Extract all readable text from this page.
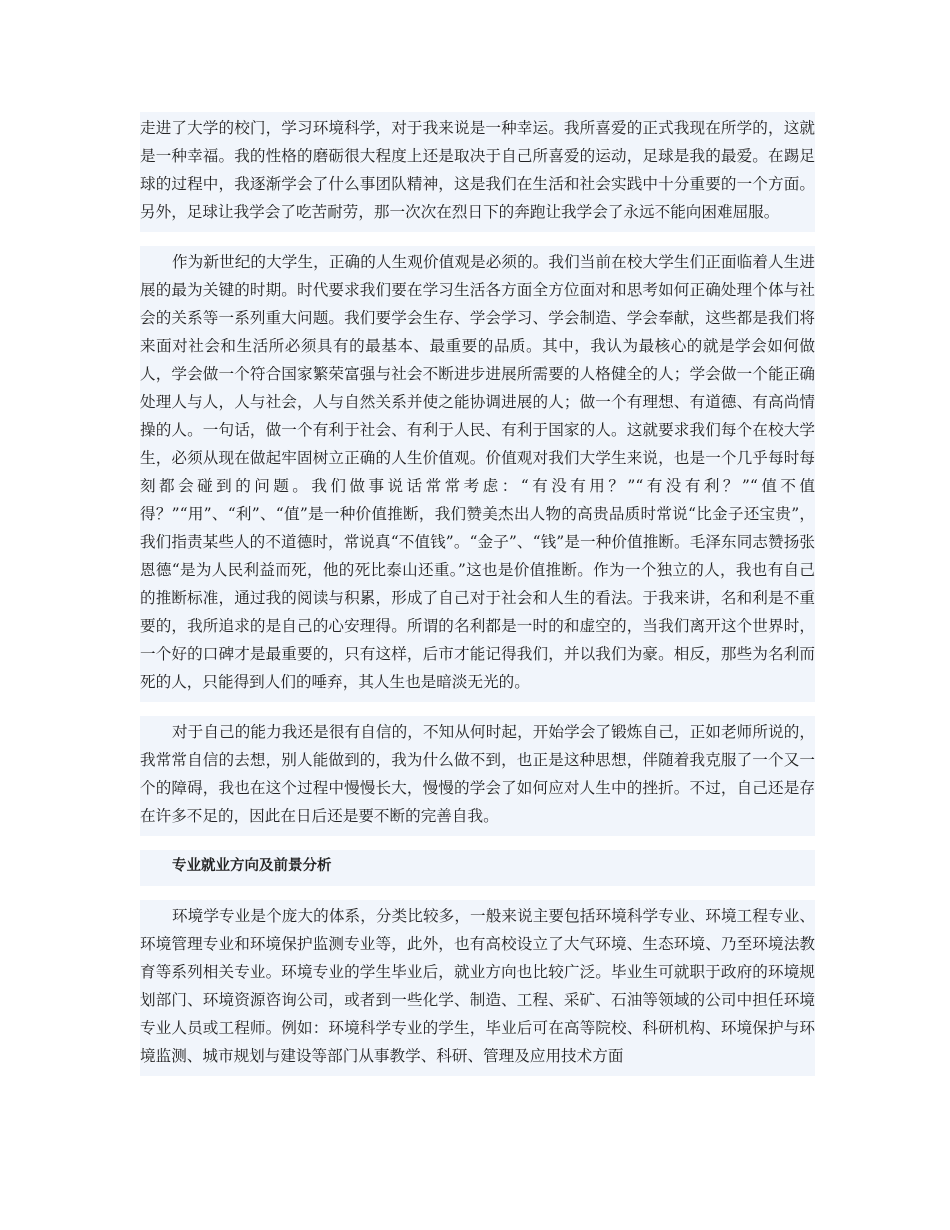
走进了大学的校门，学习环境科学，对于我来说是一种幸运。我所喜爱的正式我现在所学的，这就是一种幸福。我的性格的磨砺很大程度上还是取决于自己所喜爱的运动，足球是我的最爱。在踢足球的过程中，我逐渐学会了什么事团队精神，这是我们在生活和社会实践中十分重要的一个方面。另外，足球让我学会了吃苦耐劳，那一次次在烈日下的奔跑让我学会了永远不能向困难屈服。

作为新世纪的大学生，正确的人生观价值观是必须的。我们当前在校大学生们正面临着人生进展的最为关键的时期。时代要求我们要在学习生活各方面全方位面对和思考如何正确处理个体与社会的关系等一系列重大问题。我们要学会生存、学会学习、学会制造、学会奉献，这些都是我们将来面对社会和生活所必须具有的最基本、最重要的品质。其中，我认为最核心的就是学会如何做人，学会做一个符合国家繁荣富强与社会不断进步进展所需要的人格健全的人；学会做一个能正确处理人与人，人与社会，人与自然关系并使之能协调进展的人；做一个有理想、有道德、有高尚情操的人。一句话，做一个有利于社会、有利于人民、有利于国家的人。这就要求我们每个在校大学生，必须从现在做起牢固树立正确的人生价值观。价值观对我们大学生来说，也是一个几乎每时每刻都会碰到的问题。我们做事说话常常考虑：“有没有用？”“有没有利？”“值不值得？”“用”、“利”、“值”是一种价值推断，我们赞美杰出人物的高贵品质时常说“比金子还宝贵”，我们指责某些人的不道德时，常说真“不值钱”。“金子”、“钱”是一种价值推断。毛泽东同志赞扬张恩德“是为人民利益而死，他的死比泰山还重。”这也是价值推断。作为一个独立的人，我也有自己的推断标准，通过我的阅读与积累，形成了自己对于社会和人生的看法。于我来讲，名和利是不重要的，我所追求的是自己的心安理得。所谓的名利都是一时的和虚空的，当我们离开这个世界时，一个好的口碑才是最重要的，只有这样，后市才能记得我们，并以我们为豪。相反，那些为名利而死的人，只能得到人们的唾弃，其人生也是暗淡无光的。

对于自己的能力我还是很有自信的，不知从何时起，开始学会了锻炼自己，正如老师所说的，我常常自信的去想，别人能做到的，我为什么做不到，也正是这种思想，伴随着我克服了一个又一个的障碍，我也在这个过程中慢慢长大，慢慢的学会了如何应对人生中的挫折。不过，自己还是存在许多不足的，因此在日后还是要不断的完善自我。

专业就业方向及前景分析

环境学专业是个庞大的体系，分类比较多，一般来说主要包括环境科学专业、环境工程专业、环境管理专业和环境保护监测专业等，此外，也有高校设立了大气环境、生态环境、乃至环境法教育等系列相关专业。环境专业的学生毕业后，就业方向也比较广泛。毕业生可就职于政府的环境规划部门、环境资源咨询公司，或者到一些化学、制造、工程、采矿、石油等领域的公司中担任环境专业人员或工程师。例如：环境科学专业的学生，毕业后可在高等院校、科研机构、环境保护与环境监测、城市规划与建设等部门从事教学、科研、管理及应用技术方面
